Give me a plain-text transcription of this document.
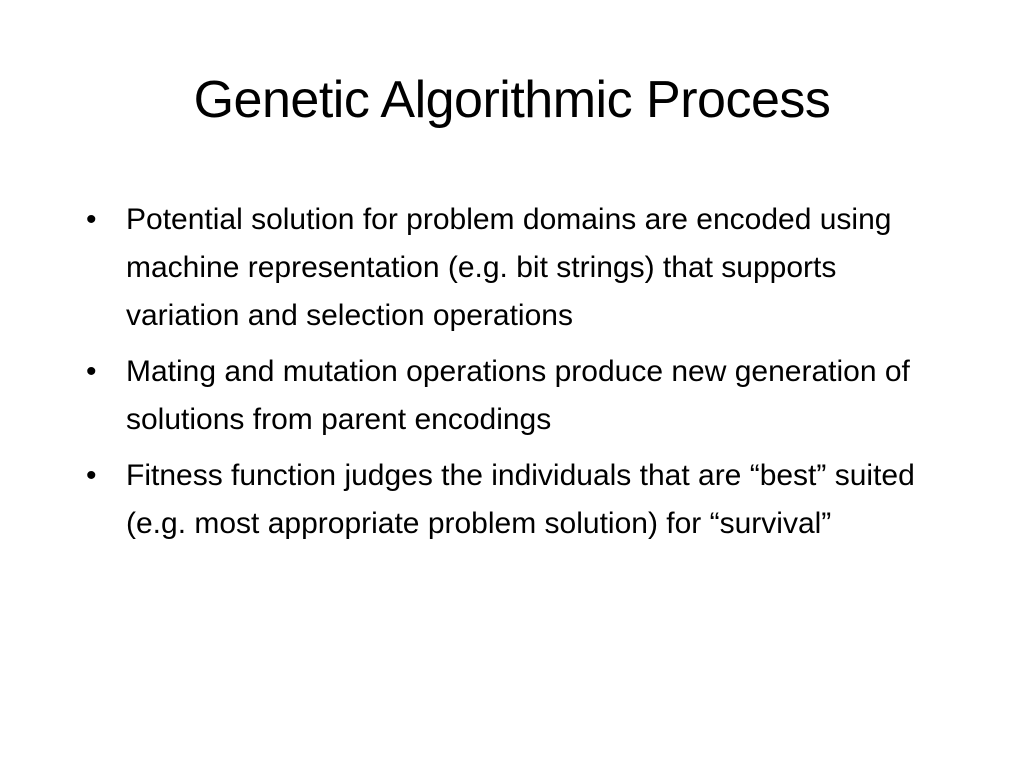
Genetic Algorithmic Process
• Potential solution for problem domains are encoded using machine representation (e.g. bit strings) that supports variation and selection operations
• Mating and mutation operations produce new generation of solutions from parent encodings
• Fitness function judges the individuals that are “best” suited (e.g. most appropriate problem solution) for “survival”
